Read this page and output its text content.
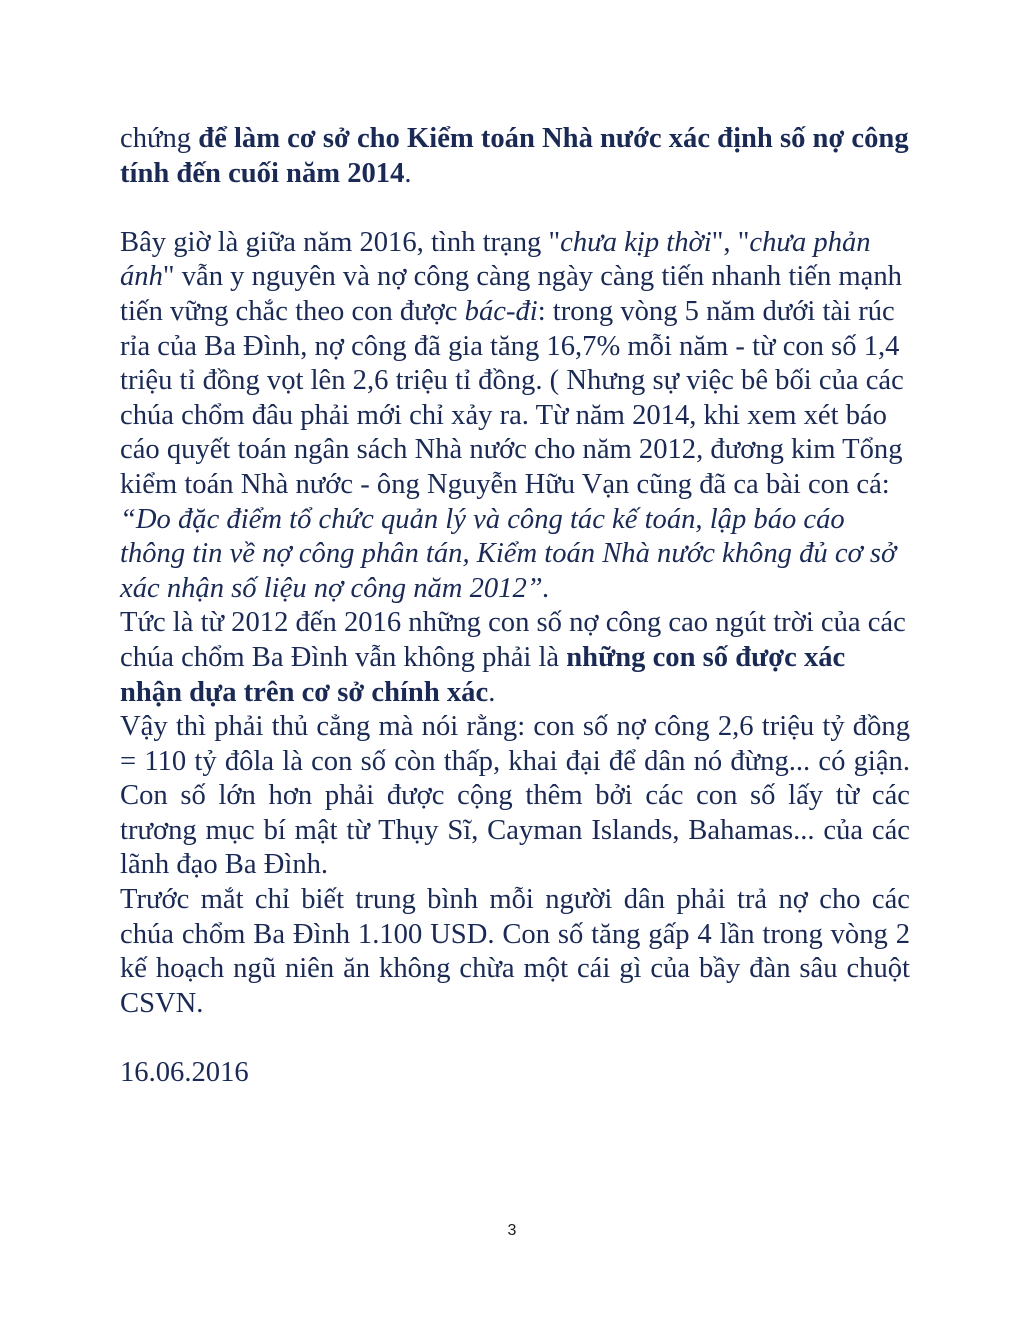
chứng để làm cơ sở cho Kiểm toán Nhà nước xác định số nợ công tính đến cuối năm 2014.

Bây giờ là giữa năm 2016, tình trạng "chưa kịp thời", "chưa phản ánh" vẫn y nguyên và nợ công càng ngày càng tiến nhanh tiến mạnh tiến vững chắc theo con được bác-đi: trong vòng 5 năm dưới tài rúc rỉa của Ba Đình, nợ công đã gia tăng 16,7% mỗi năm - từ con số 1,4 triệu tỉ đồng vọt lên 2,6 triệu tỉ đồng. ( Nhưng sự việc bê bối của các chúa chổm đâu phải mới chỉ xảy ra. Từ năm 2014, khi xem xét báo cáo quyết toán ngân sách Nhà nước cho năm 2012, đương kim Tổng kiểm toán Nhà nước - ông Nguyễn Hữu Vạn cũng đã ca bài con cá: “Do đặc điểm tổ chức quản lý và công tác kế toán, lập báo cáo thông tin về nợ công phân tán, Kiểm toán Nhà nước không đủ cơ sở xác nhận số liệu nợ công năm 2012”.

Tức là từ 2012 đến 2016 những con số nợ công cao ngút trời của các chúa chổm Ba Đình vẫn không phải là những con số được xác nhận dựa trên cơ sở chính xác.

Vậy thì phải thủ cẳng mà nói rằng: con số nợ công 2,6 triệu tỷ đồng = 110 tỷ đôla là con số còn thấp, khai đại để dân nó đừng... có giận. Con số lớn hơn phải được cộng thêm bởi các con số lấy từ các trương mục bí mật từ Thụy Sĩ, Cayman Islands, Bahamas... của các lãnh đạo Ba Đình.

Trước mắt chỉ biết trung bình mỗi người dân phải trả nợ cho các chúa chổm Ba Đình 1.100 USD. Con số tăng gấp 4 lần trong vòng 2 kế hoạch ngũ niên ăn không chừa một cái gì của bầy đàn sâu chuột CSVN.

16.06.2016

3
